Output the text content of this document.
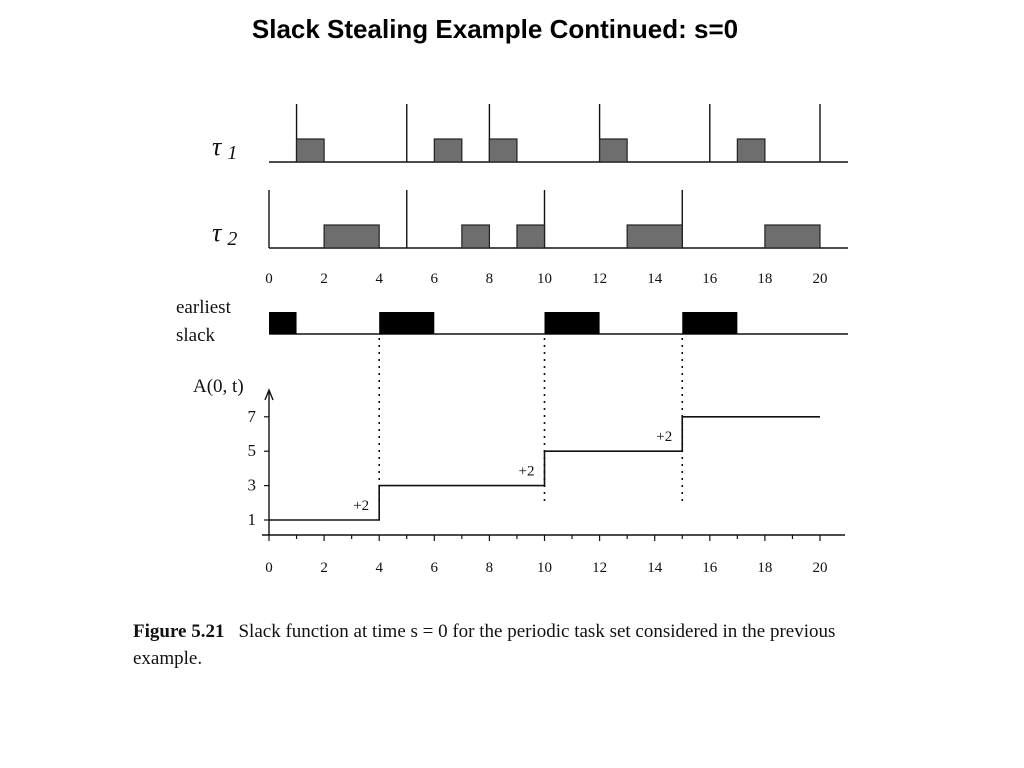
Slack Stealing Example Continued: s=0
τ 1
τ 2
earliest
slack
A(0, t)
0	2	4	6	8	10	12	14	16	18	20
1
3
5
7
+2
+2
+2
0	2	4	6	8	10	12	14	16	18	20
Figure 5.21 Slack function at time s = 0 for the periodic task set considered in the previous example.
